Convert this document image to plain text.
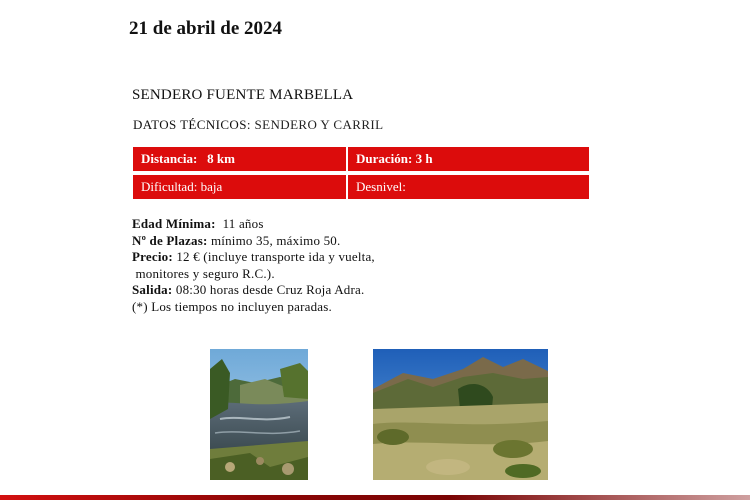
21 de abril de 2024
SENDERO FUENTE MARBELLA
DATOS TÉCNICOS: SENDERO Y CARRIL
Distancia: 8 km	Duración: 3 h
Dificultad: baja	Desnivel:
Edad Mínima: 11 años
Nº de Plazas: mínimo 35, máximo 50.
Precio: 12 € (incluye transporte ida y vuelta,
monitores y seguro R.C.).
Salida: 08:30 horas desde Cruz Roja Adra.
(*) Los tiempos no incluyen paradas.
